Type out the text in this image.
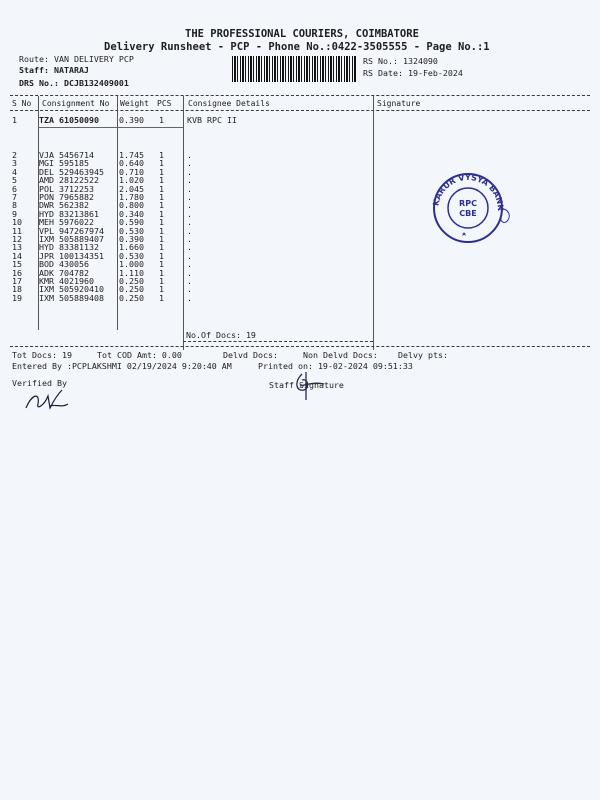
THE PROFESSIONAL COURIERS, COIMBATORE
Delivery Runsheet - PCP - Phone No.:0422-3505555 - Page No.:1
Route: VAN DELIVERY PCP
Staff: NATARAJ
DRS No.: DCJB132409001
RS No.: 1324090
RS Date: 19-Feb-2024
S No Consignment No Weight PCS Consignee Details	Signature
1	TZA 61050090 0.390 1	KVB RPC II
2	VJA 5456714	1.745 1	.
3	MGI 595185	0.640 1	.
4	DEL 529463945 0.710 1	.
5	AMD 28122522 1.020 1	.
6	POL 3712253	2.045 1	.
7	PON 7965882	1.780 1	.
8	DWR 562382	0.800 1	.
9	HYD 83213861 0.340 1	.
10 MEH 5976022	0.590 1	.
11 VPL 947267974 0.530 1	.
12 IXM 505889407 0.390 1	.
13 HYD 83381132 1.660 1	.
14 JPR 100134351 0.530 1	.
15 BOD 430056	1.000 1	.
16 ADK 704782	1.110 1	.
17 KMR 4021960	0.250 1	.
18 IXM 505920410 0.250 1	.
19 IXM 505889408 0.250 1	.
No.Of Docs: 19
Tot Docs: 19	Tot COD Amt: 0.00	Delvd Docs:	Non Delvd Docs: Delvy pts:
Entered By :PCPLAKSHMI 02/19/2024 9:20:40 AM	Printed on: 19-02-2024 09:51:33
Verified By	Staff Signature
KARUR VYSYA BANK
RPC
CBE
